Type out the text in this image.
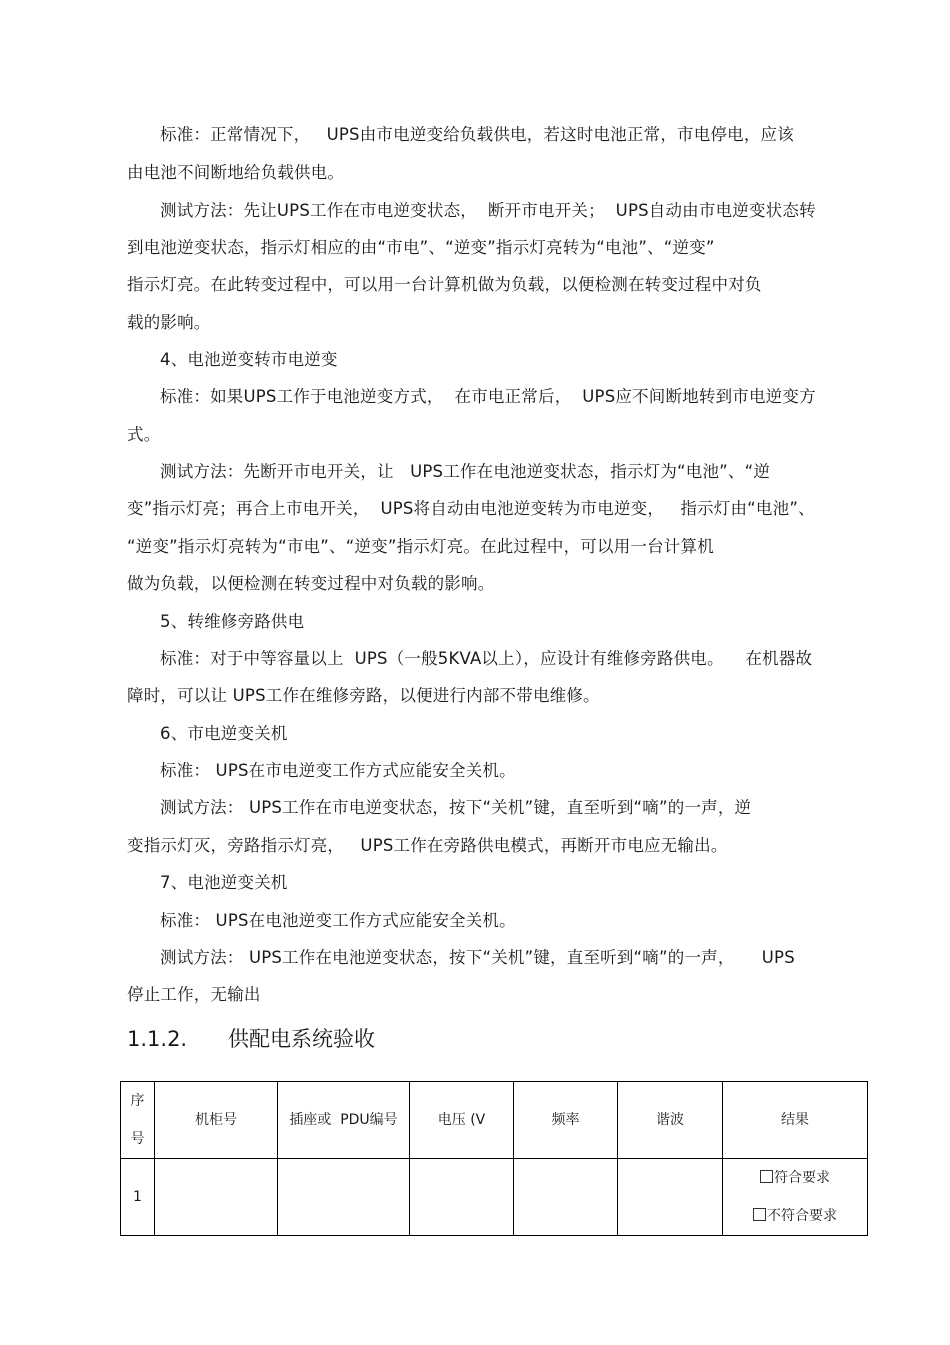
标准：正常情况下，   UPS由市电逆变给负载供电，若这时电池正常，市电停电，应该
由电池不间断地给负载供电。
测试方法：先让UPS工作在市电逆变状态，  断开市电开关；  UPS自动由市电逆变状态转
到电池逆变状态，指示灯相应的由“市电”、“逆变”指示灯亮转为“电池”、“逆变”
指示灯亮。在此转变过程中，可以用一台计算机做为负载，以便检测在转变过程中对负
载的影响。
4、电池逆变转市电逆变
标准：如果UPS工作于电池逆变方式，  在市电正常后，  UPS应不间断地转到市电逆变方
式。
测试方法：先断开市电开关，让   UPS工作在电池逆变状态，指示灯为“电池”、“逆
变”指示灯亮；再合上市电开关，  UPS将自动由电池逆变转为市电逆变，   指示灯由“电池”、
“逆变”指示灯亮转为“市电”、“逆变”指示灯亮。在此过程中，可以用一台计算机
做为负载，以便检测在转变过程中对负载的影响。
5、转维修旁路供电
标准：对于中等容量以上  UPS（一般5KVA以上），应设计有维修旁路供电。    在机器故
障时，可以让 UPS工作在维修旁路，以便进行内部不带电维修。
6、市电逆变关机
标准： UPS在市电逆变工作方式应能安全关机。
测试方法： UPS工作在市电逆变状态，按下“关机”键，直至听到“嘀”的一声，逆
变指示灯灭，旁路指示灯亮，   UPS工作在旁路供电模式，再断开市电应无输出。
7、电池逆变关机
标准： UPS在电池逆变工作方式应能安全关机。
测试方法： UPS工作在电池逆变状态，按下“关机”键，直至听到“嘀”的一声，     UPS
停止工作，无输出
1.1.2. 供配电系统验收
序
号	机柜号	插座或  PDU编号	电压 (V	频率	谐波	结果
1						符合要求
不符合要求
